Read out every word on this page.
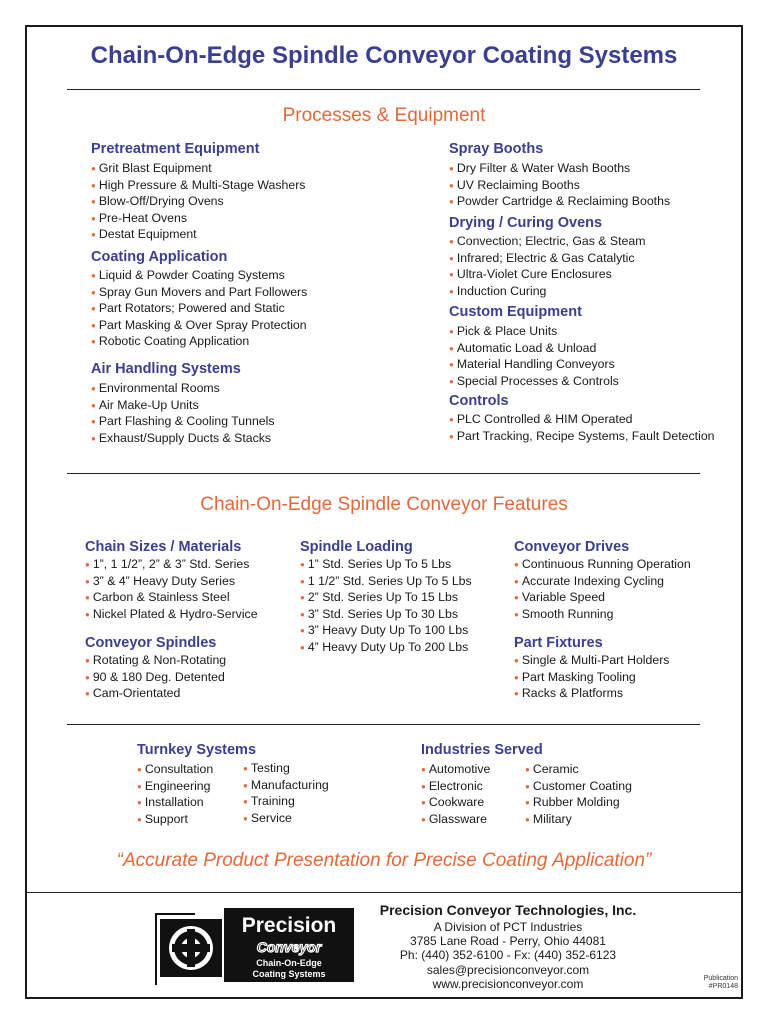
Chain-On-Edge Spindle Conveyor Coating Systems
Processes & Equipment
Pretreatment Equipment
● Grit Blast Equipment
● High Pressure & Multi-Stage Washers
● Blow-Off/Drying Ovens
● Pre-Heat Ovens
● Destat Equipment
Coating Application
● Liquid & Powder Coating Systems
● Spray Gun Movers and Part Followers
● Part Rotators; Powered and Static
● Part Masking & Over Spray Protection
● Robotic Coating Application
Air Handling Systems
● Environmental Rooms
● Air Make-Up Units
● Part Flashing & Cooling Tunnels
● Exhaust/Supply Ducts & Stacks
Spray Booths
● Dry Filter & Water Wash Booths
● UV Reclaiming Booths
● Powder Cartridge & Reclaiming Booths
Drying / Curing Ovens
● Convection; Electric, Gas & Steam
● Infrared; Electric & Gas Catalytic
● Ultra-Violet Cure Enclosures
● Induction Curing
Custom Equipment
● Pick & Place Units
● Automatic Load & Unload
● Material Handling Conveyors
● Special Processes & Controls
Controls
● PLC Controlled & HIM Operated
● Part Tracking, Recipe Systems, Fault Detection
Chain-On-Edge Spindle Conveyor Features
Chain Sizes / Materials
● 1”, 1 1/2”, 2” & 3” Std. Series
● 3” & 4” Heavy Duty Series
● Carbon & Stainless Steel
● Nickel Plated & Hydro-Service
Conveyor Spindles
● Rotating & Non-Rotating
● 90 & 180 Deg. Detented
● Cam-Orientated
Spindle Loading
● 1” Std. Series Up To 5 Lbs
● 1 1/2” Std. Series Up To 5 Lbs
● 2” Std. Series Up To 15 Lbs
● 3” Std. Series Up To 30 Lbs
● 3” Heavy Duty Up To 100 Lbs
● 4” Heavy Duty Up To 200 Lbs
Conveyor Drives
● Continuous Running Operation
● Accurate Indexing Cycling
● Variable Speed
● Smooth Running
Part Fixtures
● Single & Multi-Part Holders
● Part Masking Tooling
● Racks & Platforms
Turnkey Systems
● Consultation
● Engineering
● Installation
● Support
● Testing
● Manufacturing
● Training
● Service
Industries Served
● Automotive
● Electronic
● Cookware
● Glassware
● Ceramic
● Customer Coating
● Rubber Molding
● Military
“Accurate Product Presentation for Precise Coating Application”
Precision
Conveyor
Chain-On-Edge
Coating Systems
Precision Conveyor Technologies, Inc.
A Division of PCT Industries
3785 Lane Road - Perry, Ohio 44081
Ph: (440) 352-6100 - Fx: (440) 352-6123
sales@precisionconveyor.com
www.precisionconveyor.com	Publication
#PR0148
